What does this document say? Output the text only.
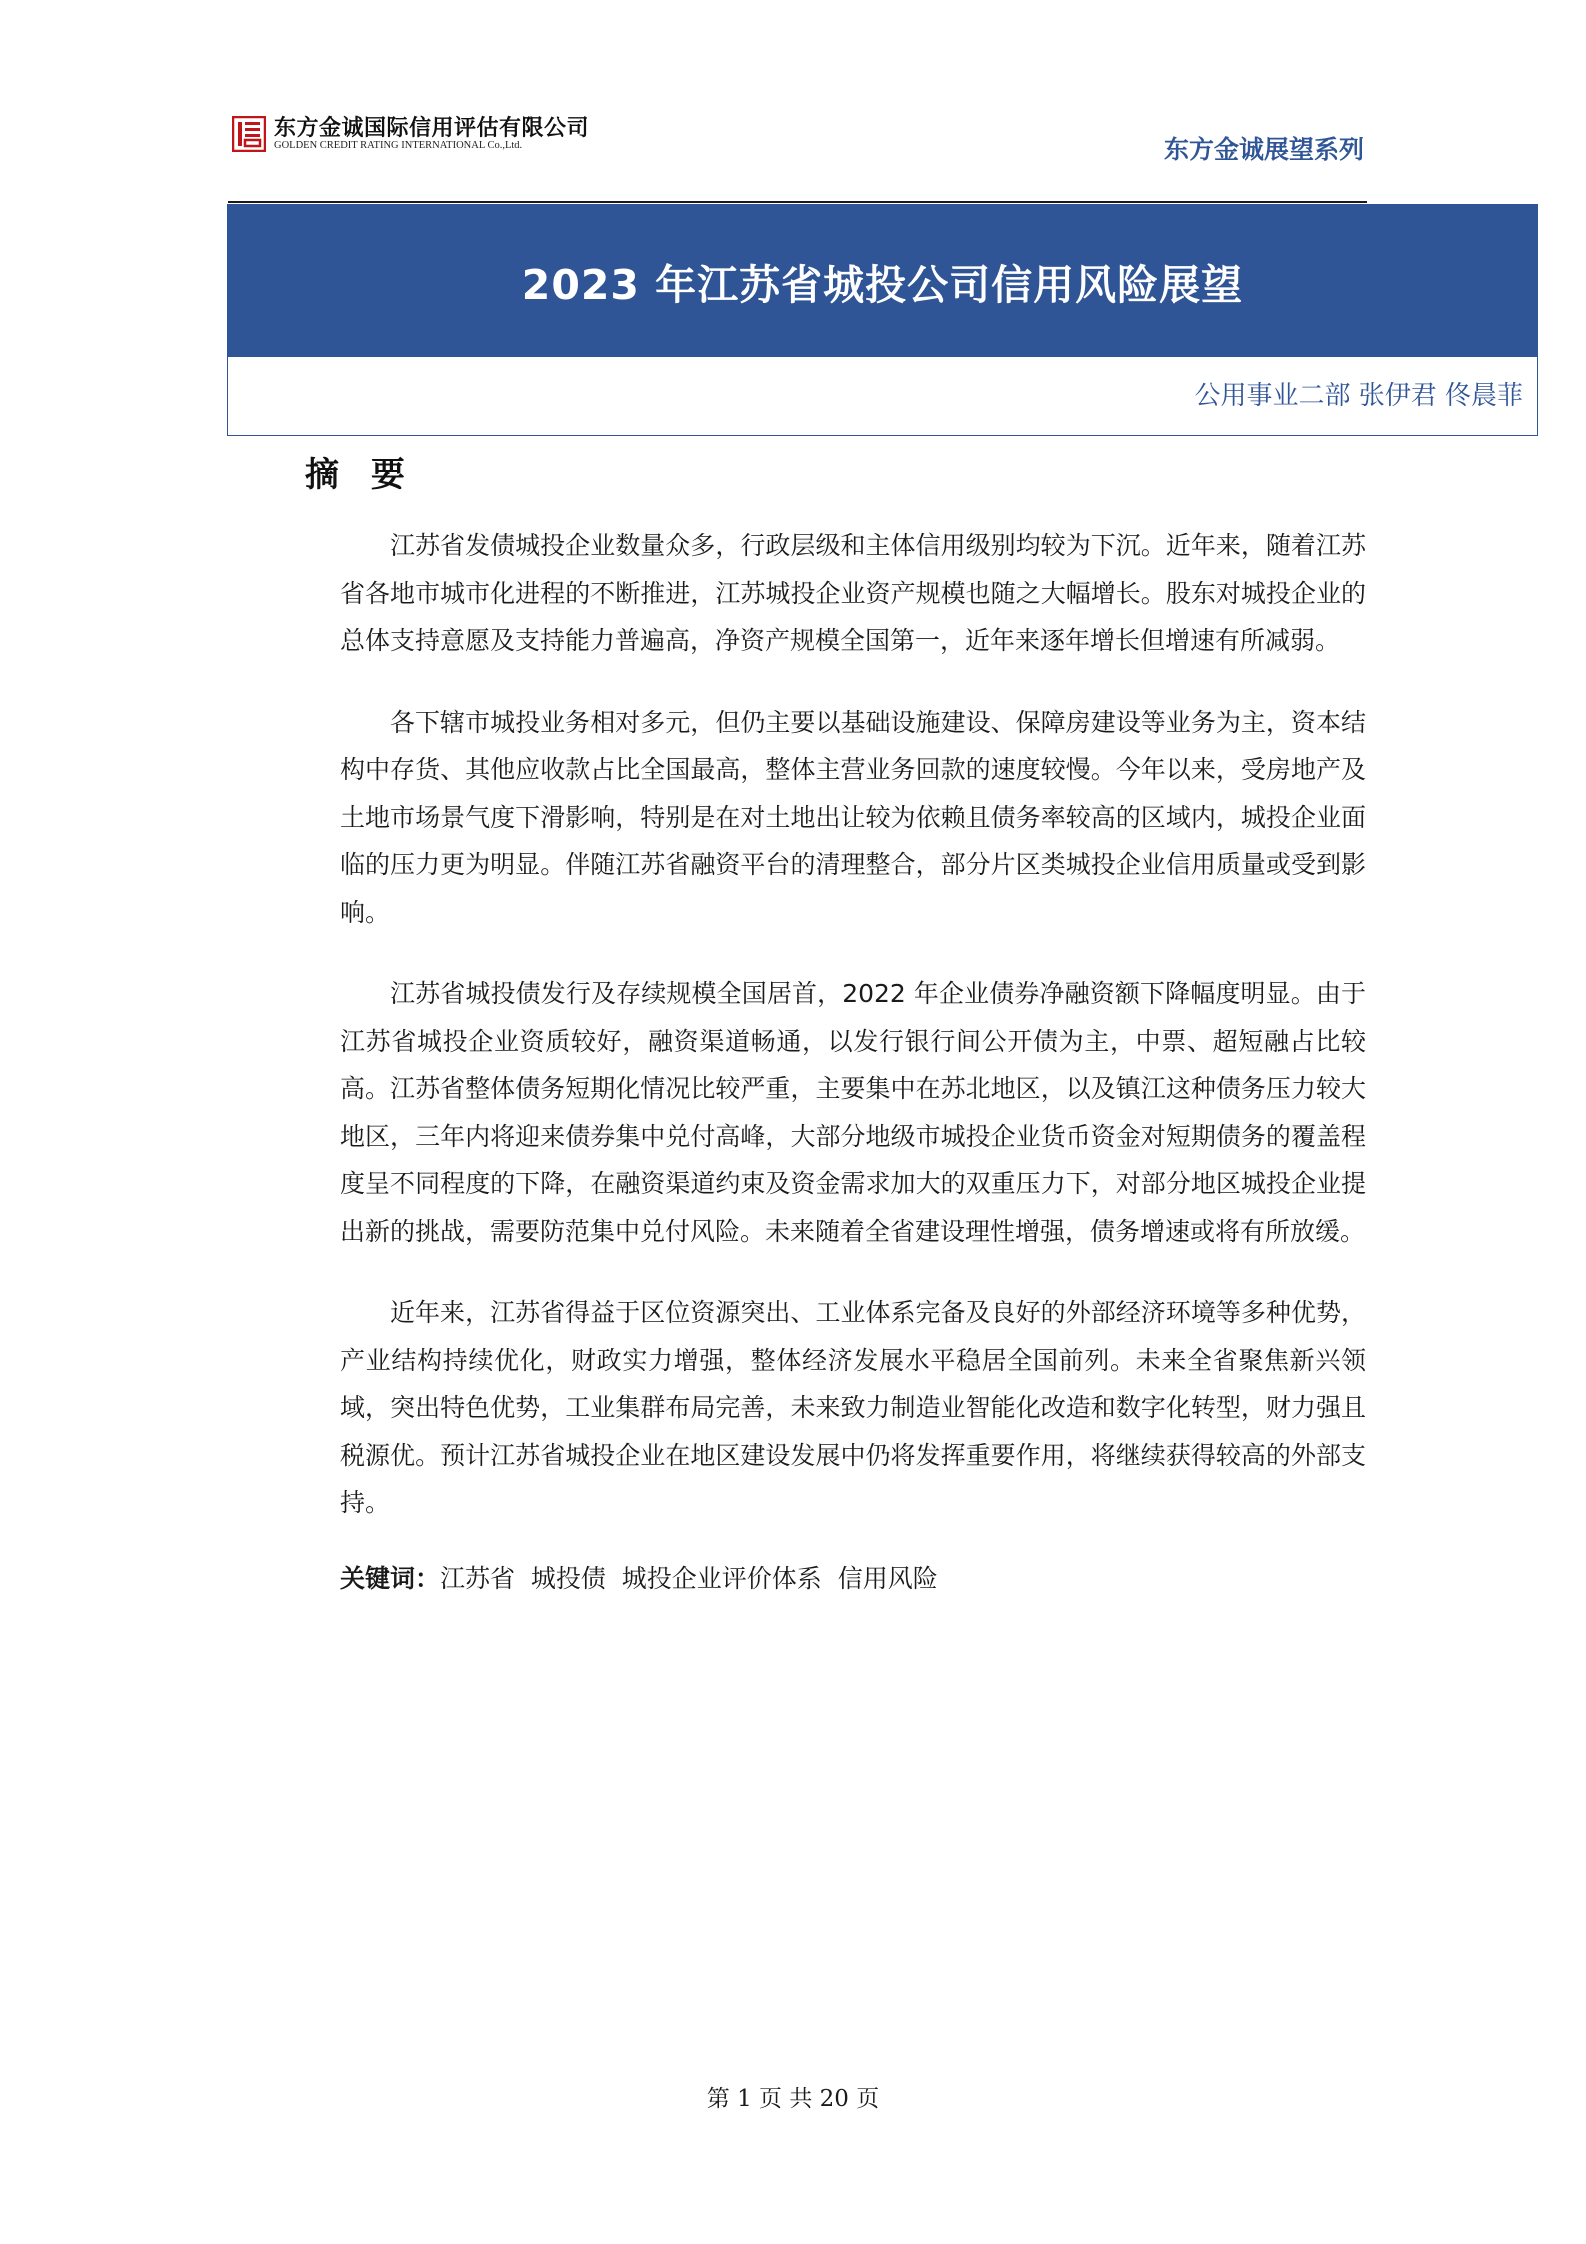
东方金诚国际信用评估有限公司
GOLDEN CREDIT RATING INTERNATIONAL Co.,Ltd.	东方金诚展望系列
2023 年江苏省城投公司信用风险展望
公用事业二部 张伊君 佟晨菲
摘 要

江苏省发债城投企业数量众多，行政层级和主体信用级别均较为下沉。近年来，随着江苏省各地市城市化进程的不断推进，江苏城投企业资产规模也随之大幅增长。股东对城投企业的总体支持意愿及支持能力普遍高，净资产规模全国第一，近年来逐年增长但增速有所减弱。

各下辖市城投业务相对多元，但仍主要以基础设施建设、保障房建设等业务为主，资本结构中存货、其他应收款占比全国最高，整体主营业务回款的速度较慢。今年以来，受房地产及土地市场景气度下滑影响，特别是在对土地出让较为依赖且债务率较高的区域内，城投企业面临的压力更为明显。伴随江苏省融资平台的清理整合，部分片区类城投企业信用质量或受到影响。

江苏省城投债发行及存续规模全国居首，2022 年企业债券净融资额下降幅度明显。由于江苏省城投企业资质较好，融资渠道畅通，以发行银行间公开债为主，中票、超短融占比较高。江苏省整体债务短期化情况比较严重，主要集中在苏北地区，以及镇江这种债务压力较大地区，三年内将迎来债券集中兑付高峰，大部分地级市城投企业货币资金对短期债务的覆盖程度呈不同程度的下降，在融资渠道约束及资金需求加大的双重压力下，对部分地区城投企业提出新的挑战，需要防范集中兑付风险。未来随着全省建设理性增强，债务增速或将有所放缓。

近年来，江苏省得益于区位资源突出、工业体系完备及良好的外部经济环境等多种优势，产业结构持续优化，财政实力增强，整体经济发展水平稳居全国前列。未来全省聚焦新兴领域，突出特色优势，工业集群布局完善，未来致力制造业智能化改造和数字化转型，财力强且税源优。预计江苏省城投企业在地区建设发展中仍将发挥重要作用，将继续获得较高的外部支持。

关键词：江苏省  城投债  城投企业评价体系  信用风险
第 1 页 共 20 页
